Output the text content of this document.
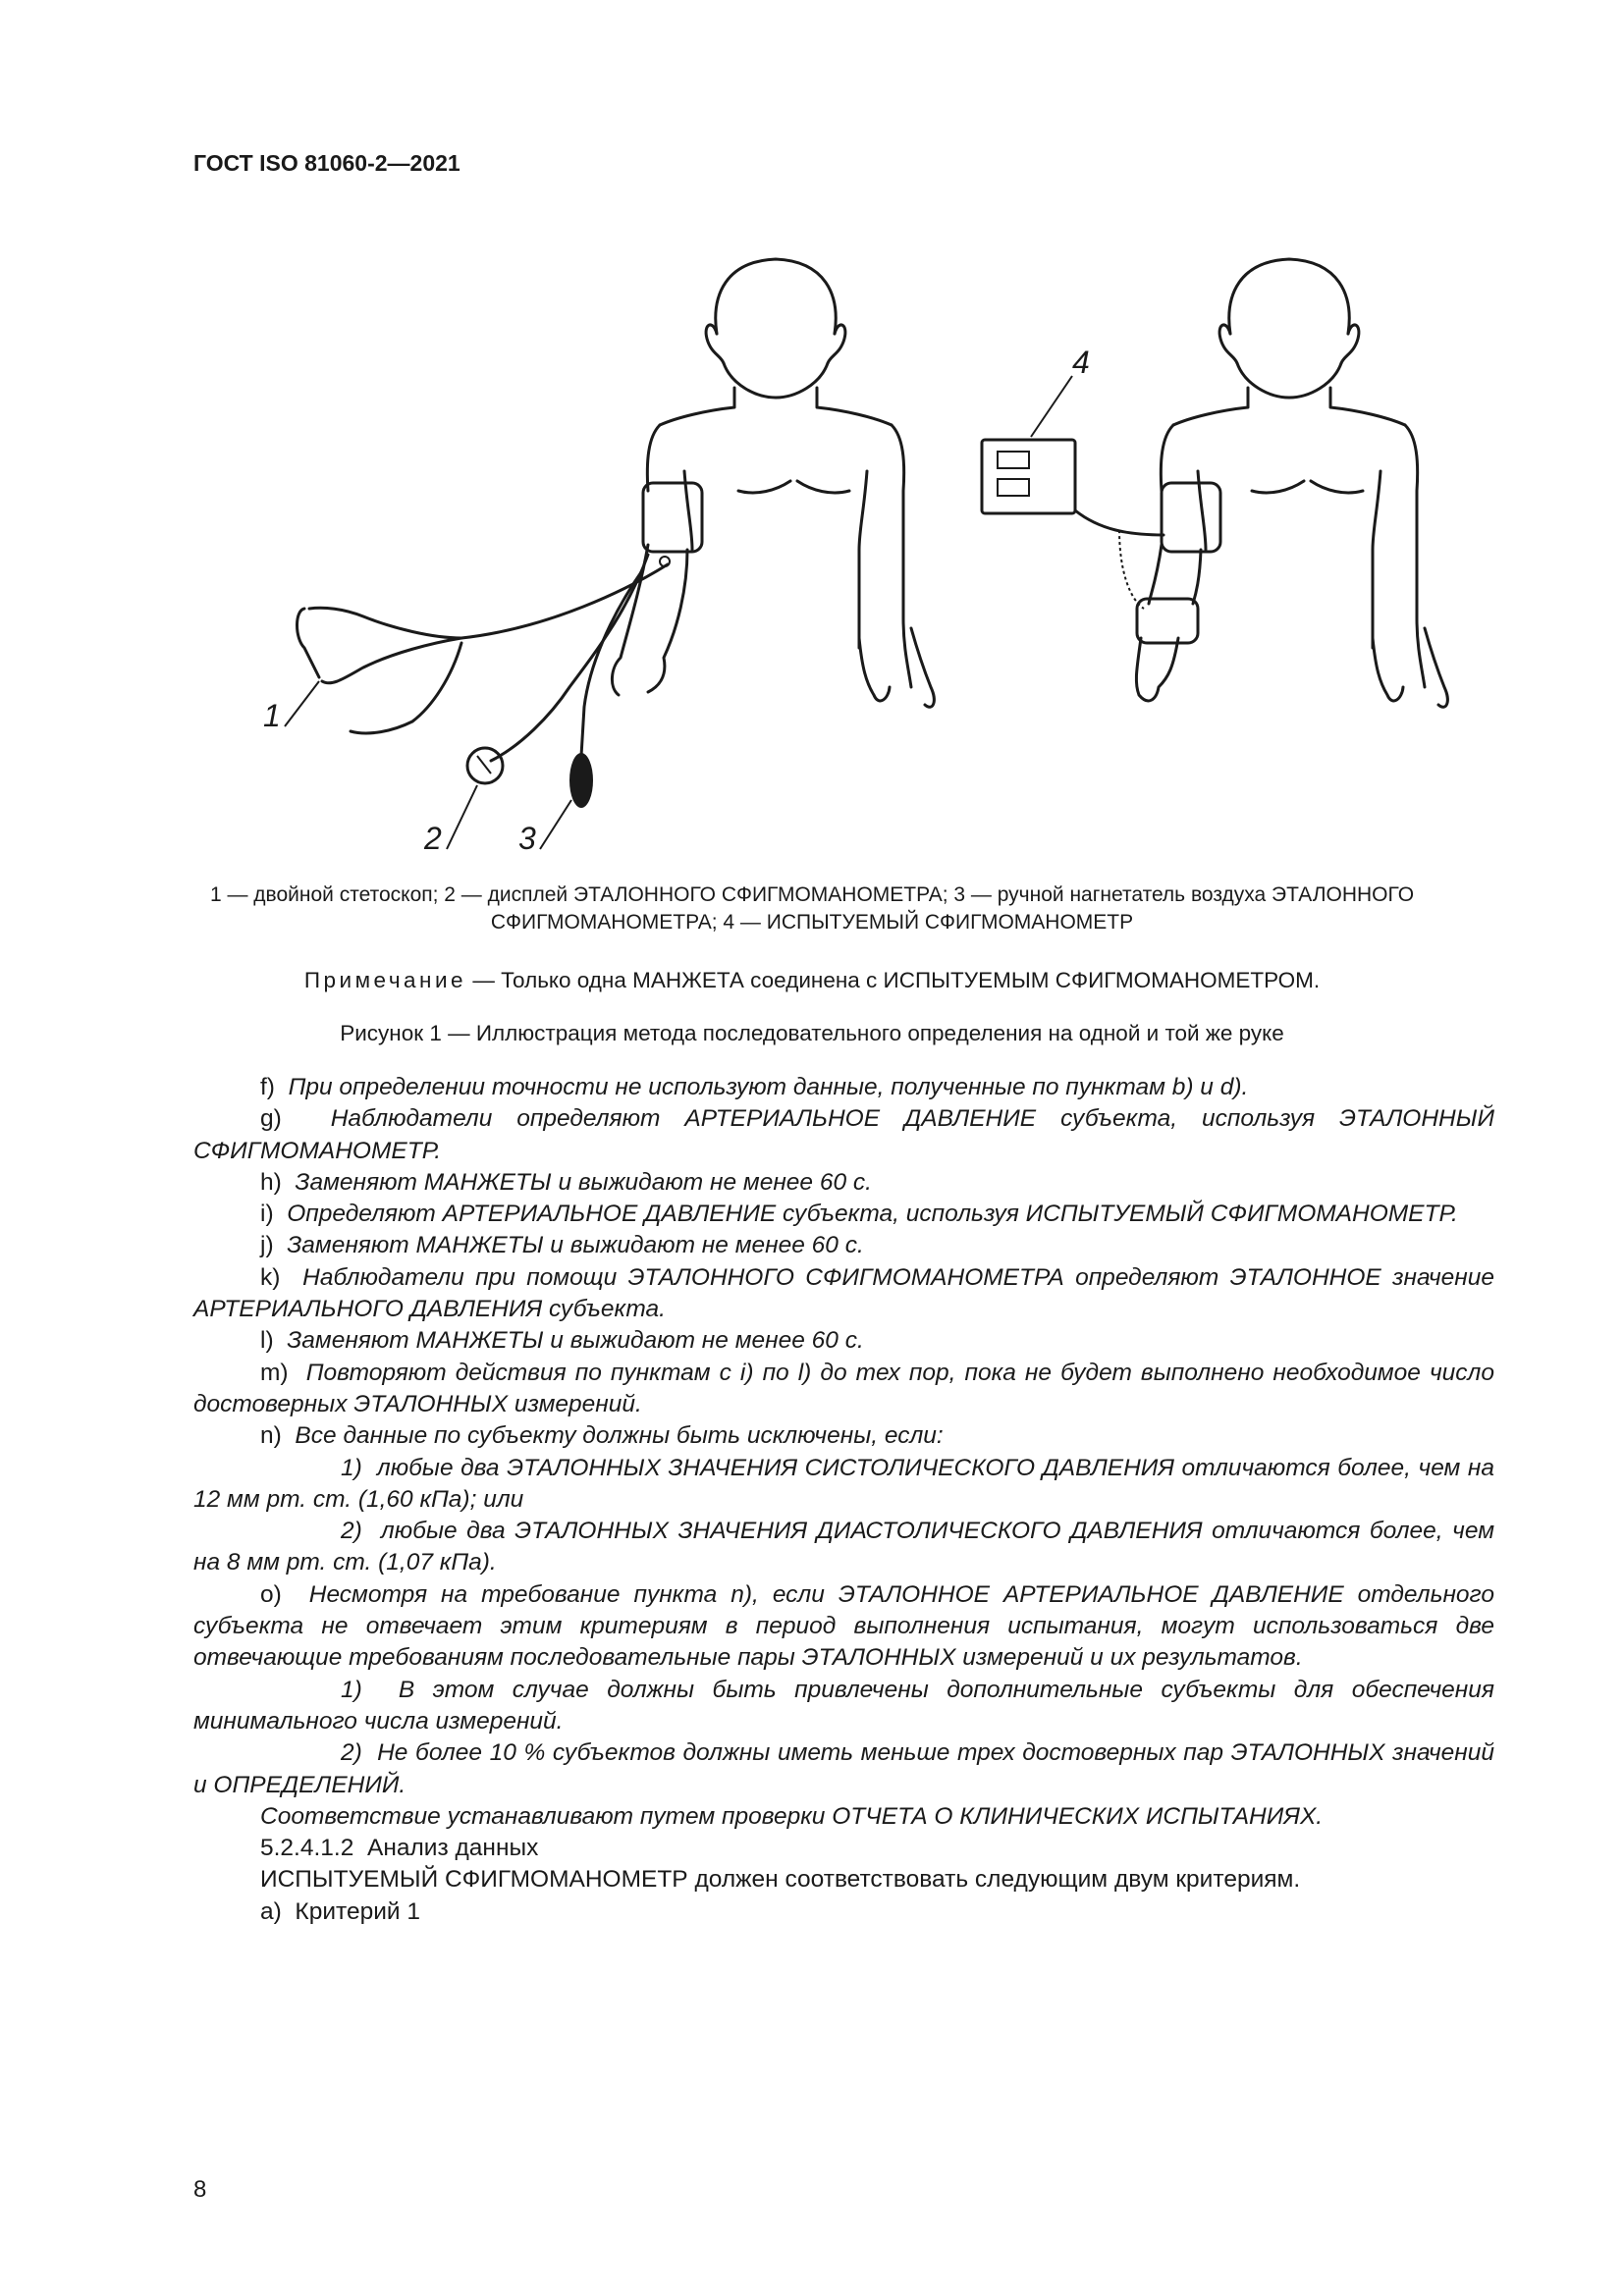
ГОСТ ISO 81060-2—2021
1
2 3
4
1 — двойной стетоскоп; 2 — дисплей ЭТАЛОННОГО СФИГМОМАНОМЕТРА; 3 — ручной нагнетатель воздуха ЭТАЛОННОГО СФИГМОМАНОМЕТРА; 4 — ИСПЫТУЕМЫЙ СФИГМОМАНОМЕТР
Примечание — Только одна МАНЖЕТА соединена с ИСПЫТУЕМЫМ СФИГМОМАНОМЕТРОМ.
Рисунок 1 — Иллюстрация метода последовательного определения на одной и той же руке

f) При определении точности не используют данные, полученные по пунктам b) и d).

g) Наблюдатели определяют АРТЕРИАЛЬНОЕ ДАВЛЕНИЕ субъекта, используя ЭТАЛОННЫЙ СФИГМОМАНОМЕТР.

h) Заменяют МАНЖЕТЫ и выжидают не менее 60 с.

i) Определяют АРТЕРИАЛЬНОЕ ДАВЛЕНИЕ субъекта, используя ИСПЫТУЕМЫЙ СФИГМОМАНОМЕТР.

j) Заменяют МАНЖЕТЫ и выжидают не менее 60 с.

k) Наблюдатели при помощи ЭТАЛОННОГО СФИГМОМАНОМЕТРА определяют ЭТАЛОННОЕ значение АРТЕРИАЛЬНОГО ДАВЛЕНИЯ субъекта.

l) Заменяют МАНЖЕТЫ и выжидают не менее 60 с.

m) Повторяют действия по пунктам с i) по l) до тех пор, пока не будет выполнено необходимое число достоверных ЭТАЛОННЫХ измерений.

n) Все данные по субъекту должны быть исключены, если:

1) любые два ЭТАЛОННЫХ ЗНАЧЕНИЯ СИСТОЛИЧЕСКОГО ДАВЛЕНИЯ отличаются более, чем на 12 мм рт. ст. (1,60 кПа); или

2) любые два ЭТАЛОННЫХ ЗНАЧЕНИЯ ДИАСТОЛИЧЕСКОГО ДАВЛЕНИЯ отличаются более, чем на 8 мм рт. ст. (1,07 кПа).

о) Несмотря на требование пункта n), если ЭТАЛОННОЕ АРТЕРИАЛЬНОЕ ДАВЛЕНИЕ отдельного субъекта не отвечает этим критериям в период выполнения испытания, могут использоваться две отвечающие требованиям последовательные пары ЭТАЛОННЫХ измерений и их результатов.

1) В этом случае должны быть привлечены дополнительные субъекты для обеспечения минимального числа измерений.

2) Не более 10 % субъектов должны иметь меньше трех достоверных пар ЭТАЛОННЫХ значений и ОПРЕДЕЛЕНИЙ.

Соответствие устанавливают путем проверки ОТЧЕТА О КЛИНИЧЕСКИХ ИСПЫТАНИЯХ.

5.2.4.1.2 Анализ данных

ИСПЫТУЕМЫЙ СФИГМОМАНОМЕТР должен соответствовать следующим двум критериям.

а) Критерий 1

8
